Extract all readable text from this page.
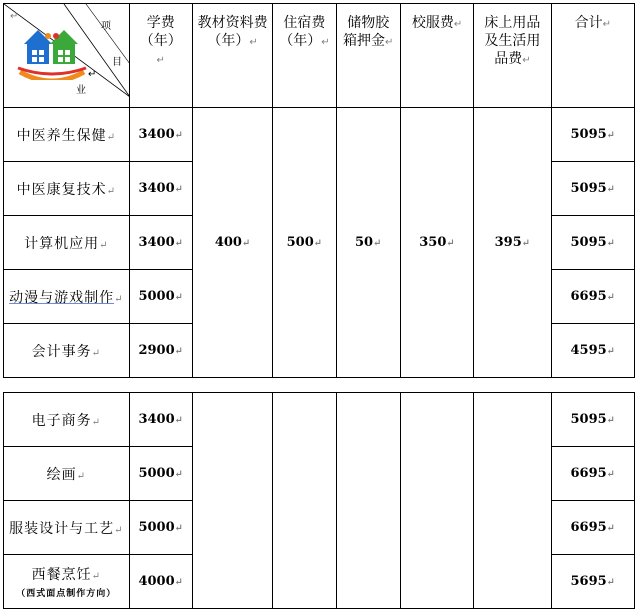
↵
项
目
↵
业	学费
（年）
↵	教材资料费
（年）↵	住宿费
（年）↵	储物胶
箱押金↵	校服费↵	床上用品
及生活用
品费↵	合计↵
中医养生保健↵	3400↵	400↵	500↵	50↵	350↵	395↵	5095↵
中医康复技术↵	3400↵						5095↵
计算机应用↵	3400↵						5095↵
动漫与游戏制作↵	5000↵						6695↵
会计事务↵	2900↵						4595↵
电子商务↵	3400↵						5095↵
绘画↵	5000↵						6695↵
服装设计与工艺↵	5000↵						6695↵
西餐烹饪↵
（西式面点制作方向）	4000↵						5695↵
